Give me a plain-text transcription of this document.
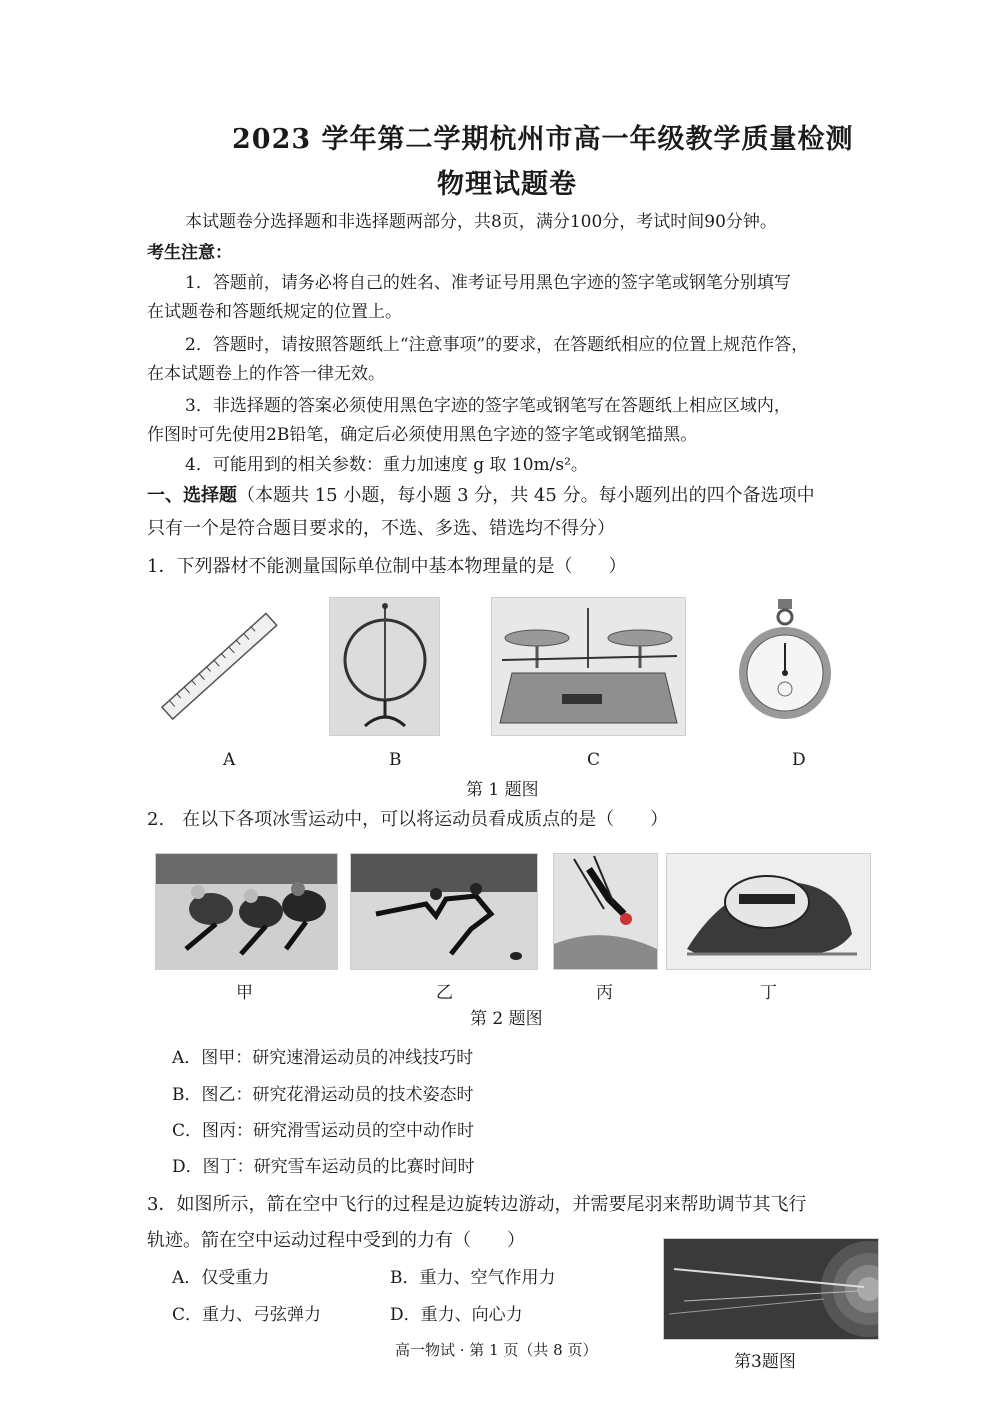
2023 学年第二学期杭州市高一年级教学质量检测
物理试题卷
本试题卷分选择题和非选择题两部分，共8页，满分100分，考试时间90分钟。
考生注意：
1．答题前，请务必将自己的姓名、准考证号用黑色字迹的签字笔或钢笔分别填写
在试题卷和答题纸规定的位置上。
2．答题时，请按照答题纸上“注意事项”的要求，在答题纸相应的位置上规范作答，
在本试题卷上的作答一律无效。
3．非选择题的答案必须使用黑色字迹的签字笔或钢笔写在答题纸上相应区域内，
作图时可先使用2B铅笔，确定后必须使用黑色字迹的签字笔或钢笔描黑。
4．可能用到的相关参数：重力加速度 g 取 10m/s²。
一、选择题（本题共 15 小题，每小题 3 分，共 45 分。每小题列出的四个备选项中
只有一个是符合题目要求的，不选、多选、错选均不得分）
1．下列器材不能测量国际单位制中基本物理量的是（　　）
A	B	C	D
第 1 题图
2.　在以下各项冰雪运动中，可以将运动员看成质点的是（　　）
甲	乙	丙	丁
第 2 题图
A．图甲：研究速滑运动员的冲线技巧时
B．图乙：研究花滑运动员的技术姿态时
C．图丙：研究滑雪运动员的空中动作时
D．图丁：研究雪车运动员的比赛时间时
3．如图所示，箭在空中飞行的过程是边旋转边游动，并需要尾羽来帮助调节其飞行
轨迹。箭在空中运动过程中受到的力有（　　）
A．仅受重力	B．重力、空气作用力
C．重力、弓弦弹力	D．重力、向心力
第3题图
高一物试 · 第 1 页（共 8 页）
